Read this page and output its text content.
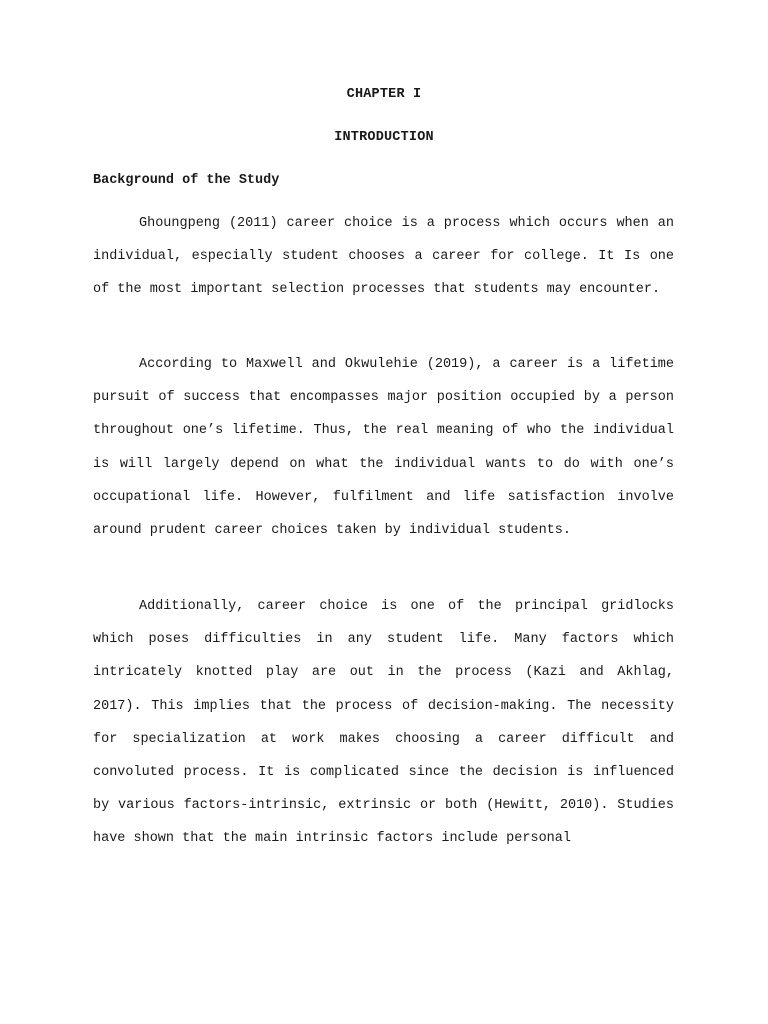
CHAPTER I
INTRODUCTION
Background of the Study

Ghoungpeng (2011) career choice is a process which occurs when an individual, especially student chooses a career for college. It Is one of the most important selection processes that students may encounter.

According to Maxwell and Okwulehie (2019), a career is a lifetime pursuit of success that encompasses major position occupied by a person throughout one’s lifetime. Thus, the real meaning of who the individual is will largely depend on what the individual wants to do with one’s occupational life. However, fulfilment and life satisfaction involve around prudent career choices taken by individual students.

Additionally, career choice is one of the principal gridlocks which poses difficulties in any student life. Many factors which intricately knotted play are out in the process (Kazi and Akhlag, 2017). This implies that the process of decision-making. The necessity for specialization at work makes choosing a career difficult and convoluted process. It is complicated since the decision is influenced by various factors-intrinsic, extrinsic or both (Hewitt, 2010). Studies have shown that the main intrinsic factors include personal
